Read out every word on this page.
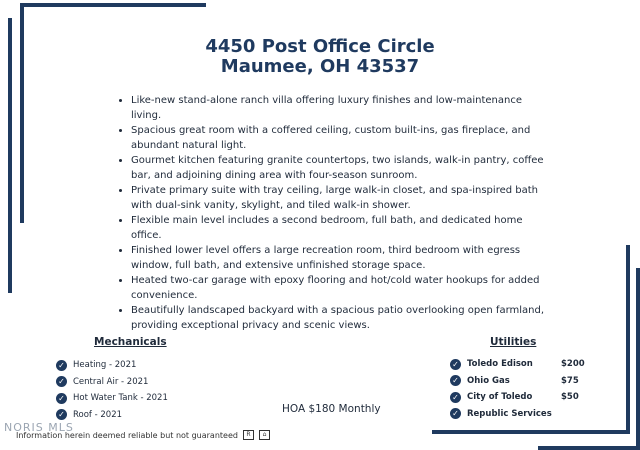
4450 Post Office Circle
Maumee, OH 43537
• Like-new stand-alone ranch villa offering luxury finishes and low-maintenance living.
• Spacious great room with a coffered ceiling, custom built-ins, gas fireplace, and abundant natural light.
• Gourmet kitchen featuring granite countertops, two islands, walk-in pantry, coffee bar, and adjoining dining area with four-season sunroom.
• Private primary suite with tray ceiling, large walk-in closet, and spa-inspired bath with dual-sink vanity, skylight, and tiled walk-in shower.
• Flexible main level includes a second bedroom, full bath, and dedicated home office.
• Finished lower level offers a large recreation room, third bedroom with egress window, full bath, and extensive unfinished storage space.
• Heated two-car garage with epoxy flooring and hot/cold water hookups for added convenience.
• Beautifully landscaped backyard with a spacious patio overlooking open farmland, providing exceptional privacy and scenic views.
Mechanicals	Utilities
✓ Heating - 2021
✓ Central Air - 2021
✓ Hot Water Tank - 2021
✓ Roof - 2021
✓ Toledo Edison	$200
✓ Ohio Gas	$75
✓ City of Toledo	$50
✓ Republic Services
HOA $180 Monthly
NORIS MLS
Information herein deemed reliable but not guaranteed	R	⌂
